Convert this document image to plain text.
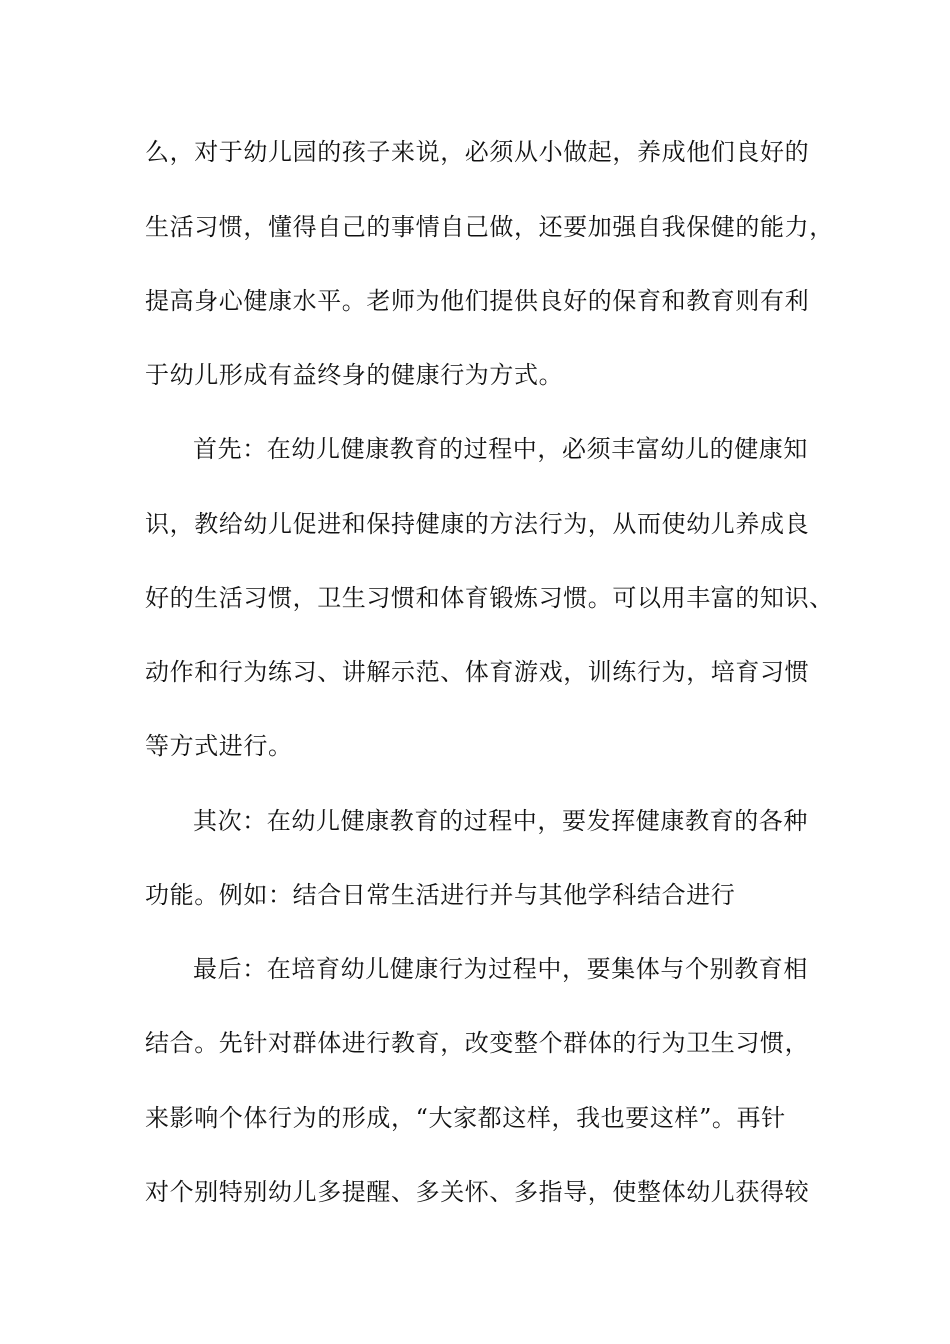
么，对于幼儿园的孩子来说，必须从小做起，养成他们良好的
生活习惯，懂得自己的事情自己做，还要加强自我保健的能力，
提高身心健康水平。老师为他们提供良好的保育和教育则有利
于幼儿形成有益终身的健康行为方式。
首先：在幼儿健康教育的过程中，必须丰富幼儿的健康知
识，教给幼儿促进和保持健康的方法行为，从而使幼儿养成良
好的生活习惯，卫生习惯和体育锻炼习惯。可以用丰富的知识、
动作和行为练习、讲解示范、体育游戏，训练行为，培育习惯
等方式进行。
其次：在幼儿健康教育的过程中，要发挥健康教育的各种
功能。例如：结合日常生活进行并与其他学科结合进行
最后：在培育幼儿健康行为过程中，要集体与个别教育相
结合。先针对群体进行教育，改变整个群体的行为卫生习惯，
来影响个体行为的形成，“大家都这样，我也要这样”。再针
对个别特别幼儿多提醒、多关怀、多指导，使整体幼儿获得较
